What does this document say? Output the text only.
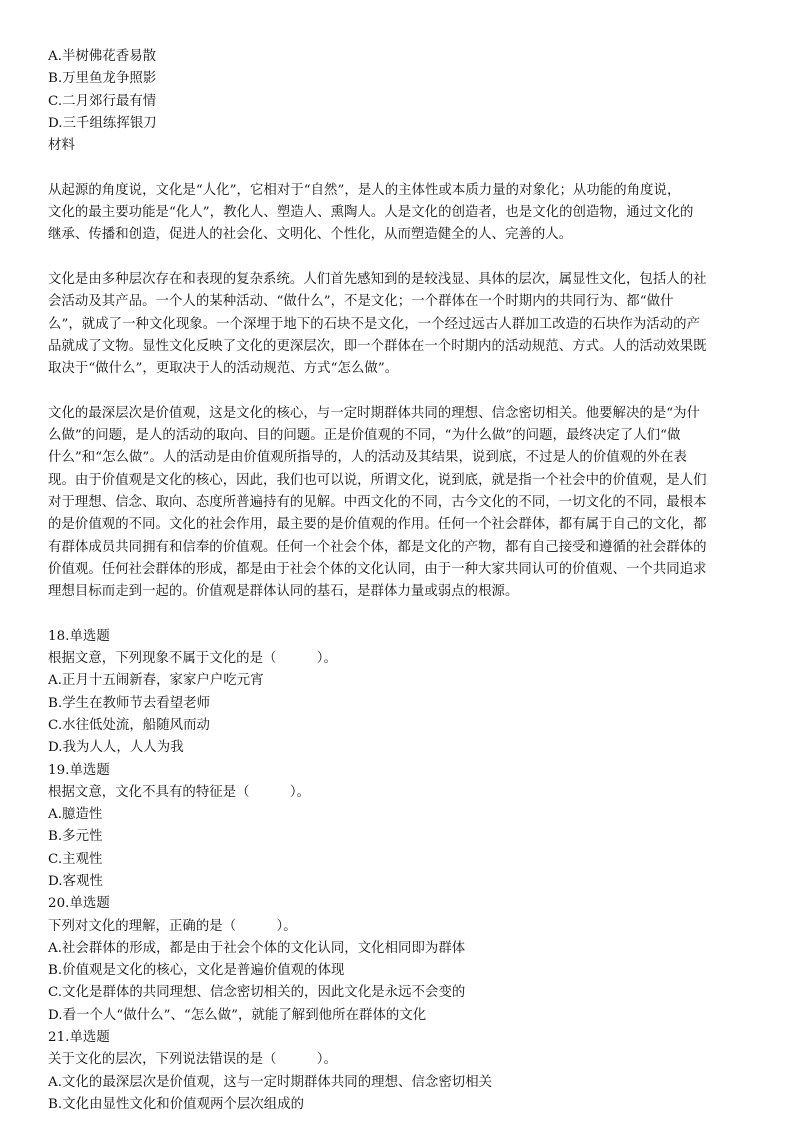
A.半树佛花香易散
B.万里鱼龙争照影
C.二月郊行最有情
D.三千组练挥银刀
材料
从起源的角度说，文化是“人化”，它相对于“自然”，是人的主体性或本质力量的对象化；从功能的角度说，
文化的最主要功能是“化人”，教化人、塑造人、熏陶人。人是文化的创造者，也是文化的创造物，通过文化的
继承、传播和创造，促进人的社会化、文明化、个性化，从而塑造健全的人、完善的人。
文化是由多种层次存在和表现的复杂系统。人们首先感知到的是较浅显、具体的层次，属显性文化，包括人的社
会活动及其产品。一个人的某种活动、“做什么”，不是文化；一个群体在一个时期内的共同行为、都“做什
么”，就成了一种文化现象。一个深埋于地下的石块不是文化，一个经过远古人群加工改造的石块作为活动的产
品就成了文物。显性文化反映了文化的更深层次，即一个群体在一个时期内的活动规范、方式。人的活动效果既
取决于“做什么”，更取决于人的活动规范、方式“怎么做”。
文化的最深层次是价值观，这是文化的核心，与一定时期群体共同的理想、信念密切相关。他要解决的是“为什
么做”的问题，是人的活动的取向、目的问题。正是价值观的不同，“为什么做”的问题，最终决定了人们“做
什么”和“怎么做”。人的活动是由价值观所指导的，人的活动及其结果，说到底，不过是人的价值观的外在表
现。由于价值观是文化的核心，因此，我们也可以说，所谓文化，说到底，就是指一个社会中的价值观，是人们
对于理想、信念、取向、态度所普遍持有的见解。中西文化的不同，古今文化的不同，一切文化的不同，最根本
的是价值观的不同。文化的社会作用，最主要的是价值观的作用。任何一个社会群体，都有属于自己的文化，都
有群体成员共同拥有和信奉的价值观。任何一个社会个体，都是文化的产物，都有自己接受和遵循的社会群体的
价值观。任何社会群体的形成，都是由于社会个体的文化认同，由于一种大家共同认可的价值观、一个共同追求
理想目标而走到一起的。价值观是群体认同的基石，是群体力量或弱点的根源。
18.单选题
根据文意，下列现象不属于文化的是（　　　）。
A.正月十五闹新春，家家户户吃元宵
B.学生在教师节去看望老师
C.水往低处流，船随风而动
D.我为人人，人人为我
19.单选题
根据文意，文化不具有的特征是（　　　）。
A.臆造性
B.多元性
C.主观性
D.客观性
20.单选题
下列对文化的理解，正确的是（　　　）。
A.社会群体的形成，都是由于社会个体的文化认同，文化相同即为群体
B.价值观是文化的核心，文化是普遍价值观的体现
C.文化是群体的共同理想、信念密切相关的，因此文化是永远不会变的
D.看一个人“做什么”、“怎么做”，就能了解到他所在群体的文化
21.单选题
关于文化的层次，下列说法错误的是（　　　）。
A.文化的最深层次是价值观，这与一定时期群体共同的理想、信念密切相关
B.文化由显性文化和价值观两个层次组成的
